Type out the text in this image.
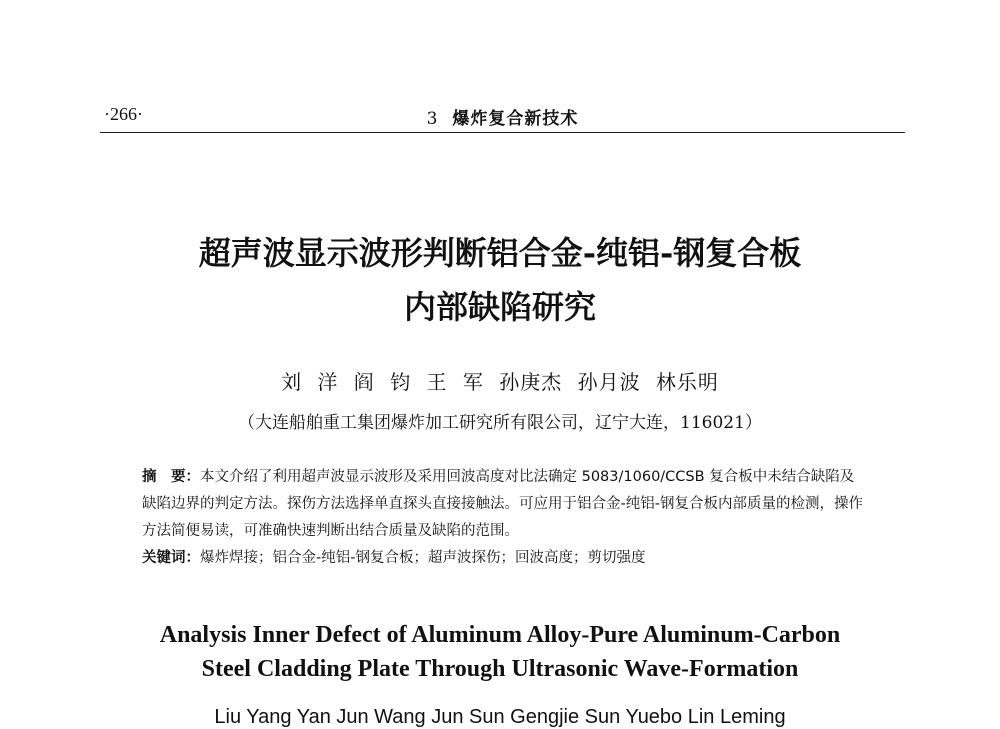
·266·	3 爆炸复合新技术
超声波显示波形判断铝合金-纯铝-钢复合板
内部缺陷研究
刘 洋 阎 钧 王 军 孙庚杰 孙月波 林乐明
（大连船舶重工集团爆炸加工研究所有限公司，辽宁大连，116021）
摘　要：本文介绍了利用超声波显示波形及采用回波高度对比法确定 5083/1060/CCSB 复合板中未结合缺陷及缺陷边界的判定方法。探伤方法选择单直探头直接接触法。可应用于铝合金-纯铝-钢复合板内部质量的检测，操作方法简便易读，可准确快速判断出结合质量及缺陷的范围。
关键词：爆炸焊接；铝合金-纯铝-钢复合板；超声波探伤；回波高度；剪切强度
Analysis Inner Defect of Aluminum Alloy-Pure Aluminum-Carbon
Steel Cladding Plate Through Ultrasonic Wave-Formation
Liu Yang Yan Jun Wang Jun Sun Gengjie Sun Yuebo Lin Leming
